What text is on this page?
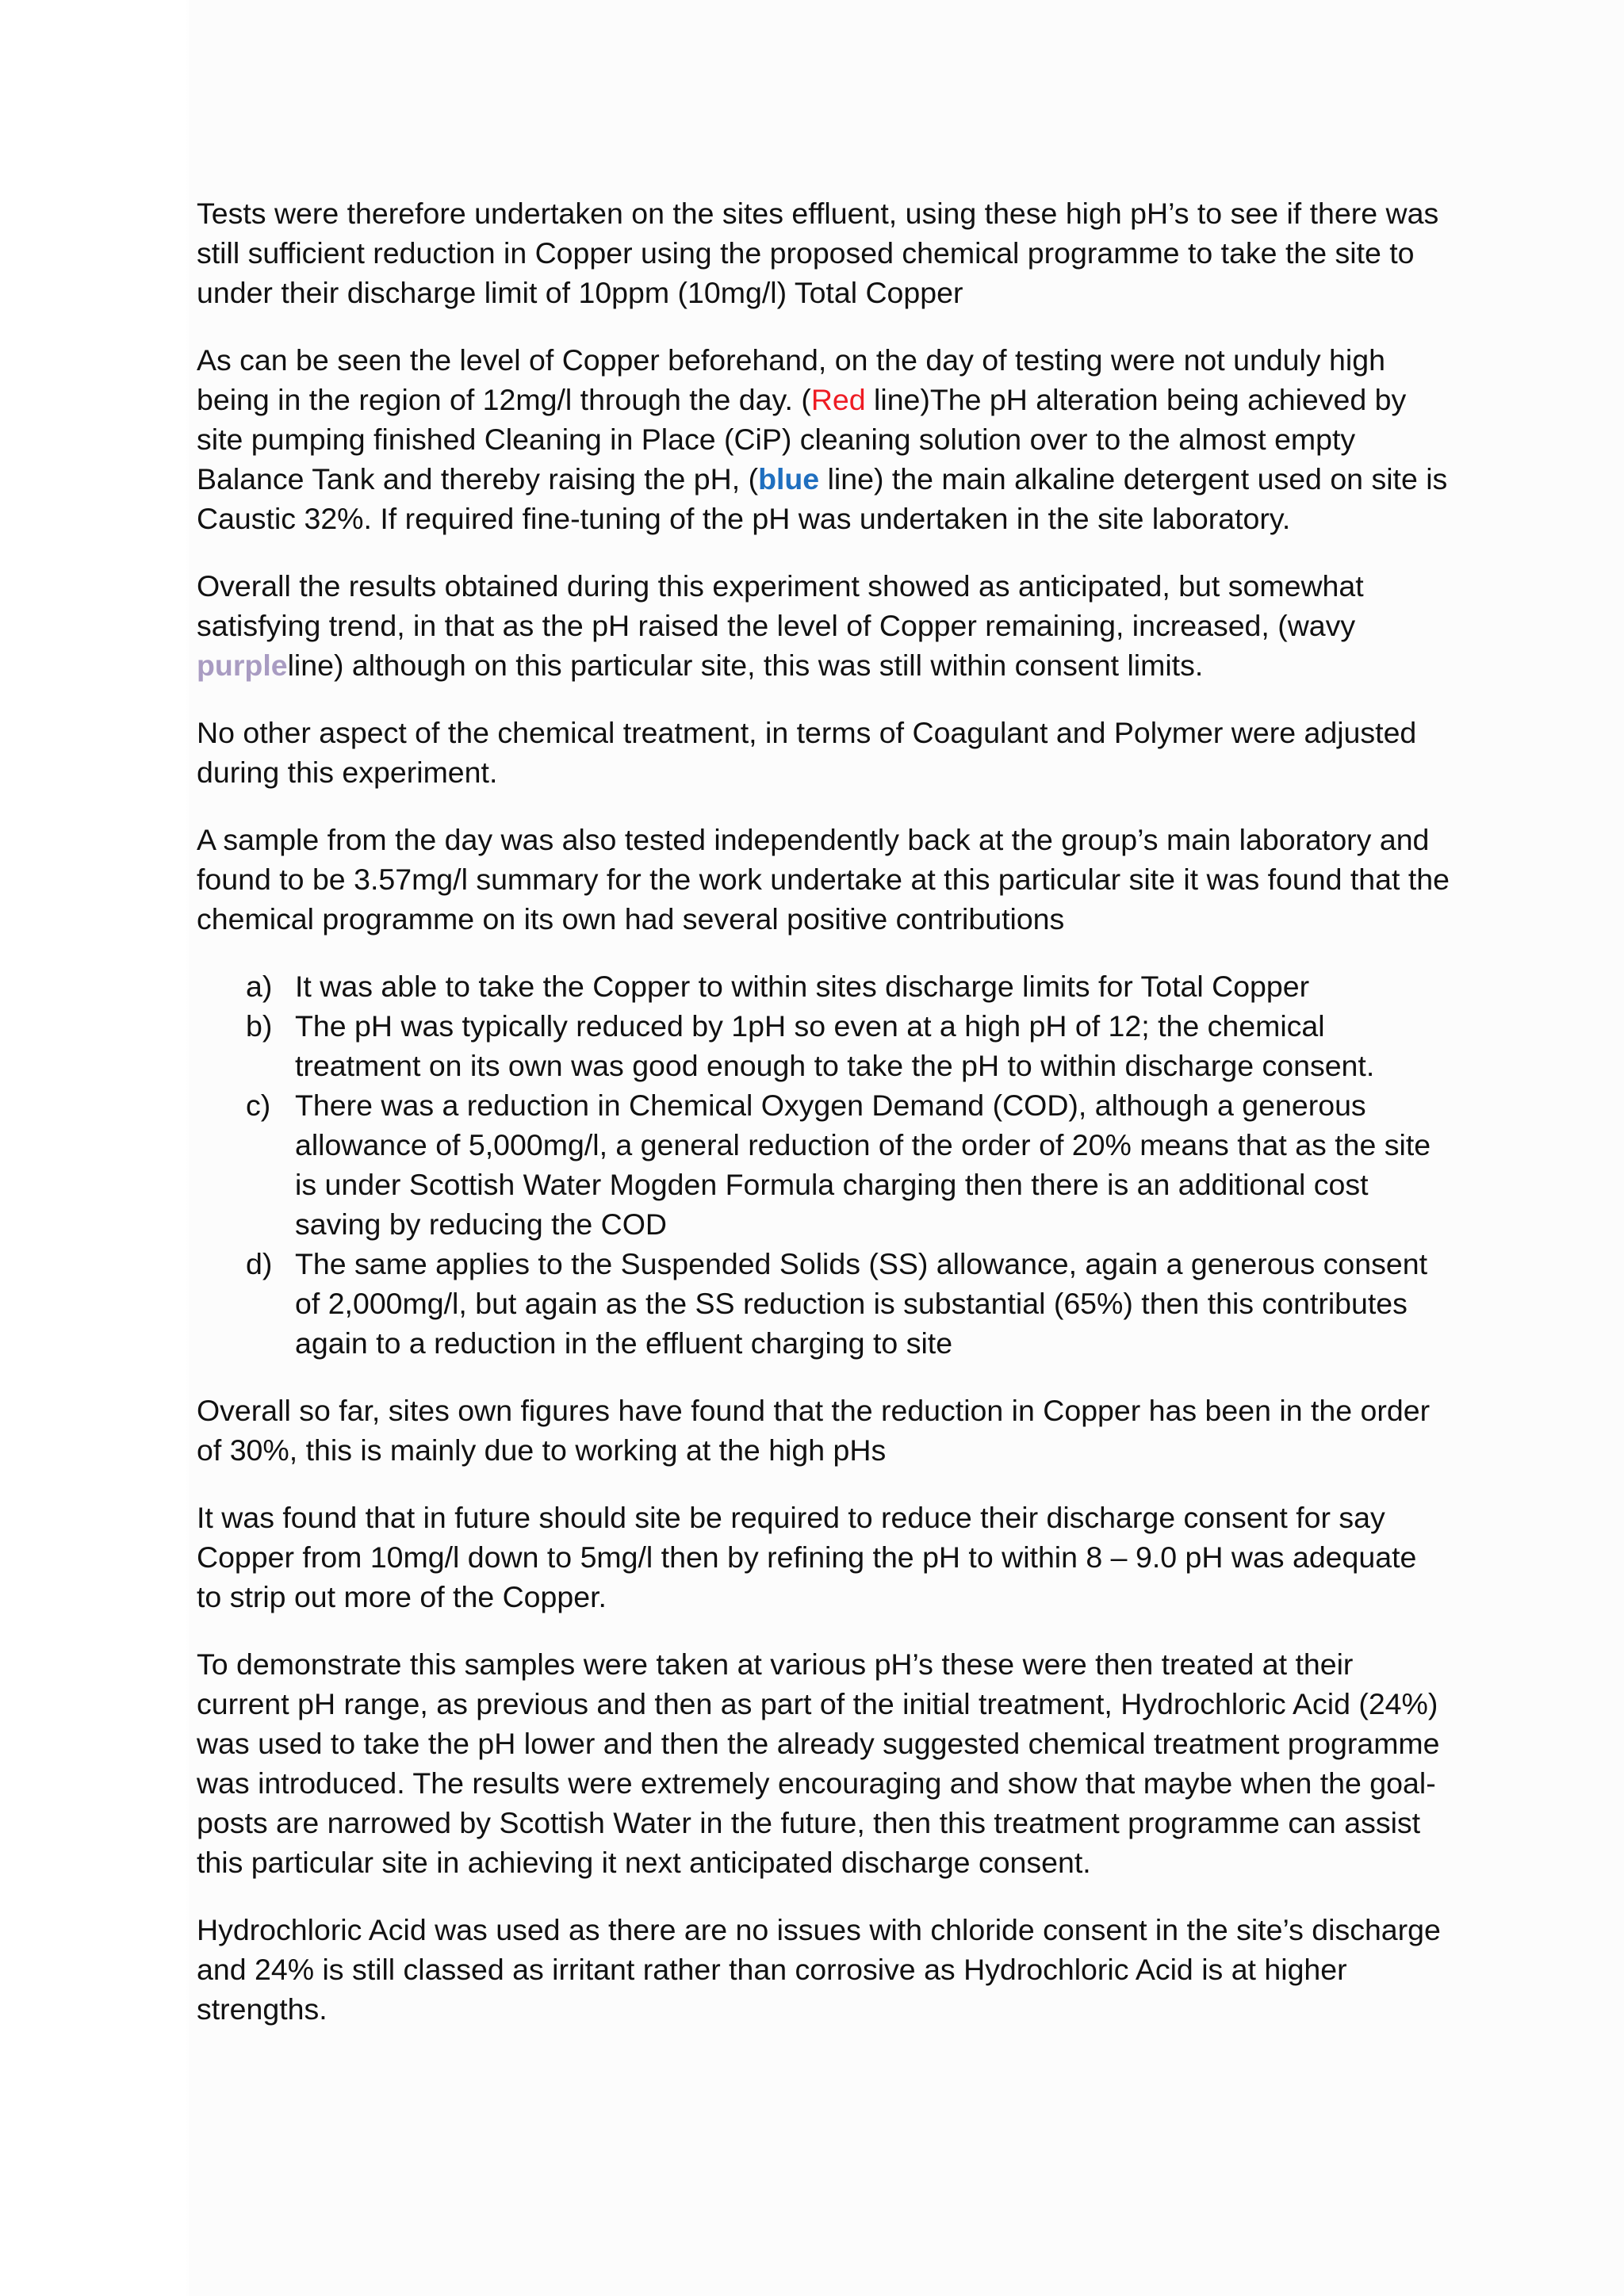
Tests were therefore undertaken on the sites effluent, using these high pH’s to see if there was still sufficient reduction in Copper using the proposed chemical programme to take the site to under their discharge limit of 10ppm (10mg/l) Total Copper

As can be seen the level of Copper beforehand, on the day of testing were not unduly high being in the region of 12mg/l through the day. (Red line)The pH alteration being achieved by site pumping finished Cleaning in Place (CiP) cleaning solution over to the almost empty Balance Tank and thereby raising the pH, (blue line) the main alkaline detergent used on site is Caustic 32%. If required fine-tuning of the pH was undertaken in the site laboratory.

Overall the results obtained during this experiment showed as anticipated, but somewhat satisfying trend, in that as the pH raised the level of Copper remaining, increased, (wavy purpleline) although on this particular site, this was still within consent limits.

No other aspect of the chemical treatment, in terms of Coagulant and Polymer were adjusted during this experiment.

A sample from the day was also tested independently back at the group’s main laboratory and found to be 3.57mg/l summary for the work undertake at this particular site it was found that the chemical programme on its own had several positive contributions

a) It was able to take the Copper to within sites discharge limits for Total Copper
b) The pH was typically reduced by 1pH so even at a high pH of 12; the chemical treatment on its own was good enough to take the pH to within discharge consent.
c) There was a reduction in Chemical Oxygen Demand (COD), although a generous allowance of 5,000mg/l, a general reduction of the order of 20% means that as the site is under Scottish Water Mogden Formula charging then there is an additional cost saving by reducing the COD
d) The same applies to the Suspended Solids (SS) allowance, again a generous consent of 2,000mg/l, but again as the SS reduction is substantial (65%) then this contributes again to a reduction in the effluent charging to site

Overall so far, sites own figures have found that the reduction in Copper has been in the order of 30%, this is mainly due to working at the high pHs

It was found that in future should site be required to reduce their discharge consent for say Copper from 10mg/l down to 5mg/l then by refining the pH to within 8 – 9.0 pH was adequate to strip out more of the Copper.

To demonstrate this samples were taken at various pH’s these were then treated at their current pH range, as previous and then as part of the initial treatment, Hydrochloric Acid (24%) was used to take the pH lower and then the already suggested chemical treatment programme was introduced. The results were extremely encouraging and show that maybe when the goal-posts are narrowed by Scottish Water in the future, then this treatment programme can assist this particular site in achieving it next anticipated discharge consent.

Hydrochloric Acid was used as there are no issues with chloride consent in the site’s discharge and 24% is still classed as irritant rather than corrosive as Hydrochloric Acid is at higher strengths.
